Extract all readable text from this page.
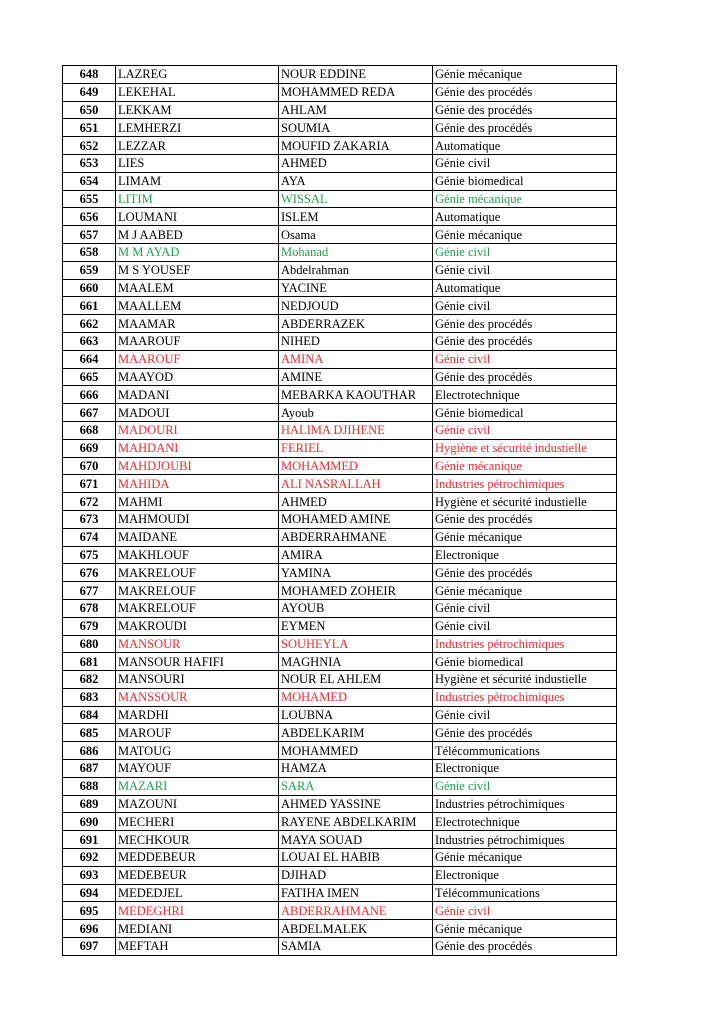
648	LAZREG	NOUR EDDINE	Génie mécanique
649	LEKEHAL	MOHAMMED REDA	Génie des procédés
650	LEKKAM	AHLAM	Génie des procédés
651	LEMHERZI	SOUMIA	Génie des procédés
652	LEZZAR	MOUFID ZAKARIA	Automatique
653	LIES	AHMED	Génie civil
654	LIMAM	AYA	Génie biomedical
655	LITIM	WISSAL	Génie mécanique
656	LOUMANI	ISLEM	Automatique
657	M J AABED	Osama	Génie mécanique
658	M M AYAD	Mohanad	Génie civil
659	M S YOUSEF	Abdelrahman	Génie civil
660	MAALEM	YACINE	Automatique
661	MAALLEM	NEDJOUD	Génie civil
662	MAAMAR	ABDERRAZEK	Génie des procédés
663	MAAROUF	NIHED	Génie des procédés
664	MAAROUF	AMINA	Génie civil
665	MAAYOD	AMINE	Génie des procédés
666	MADANI	MEBARKA KAOUTHAR	Electrotechnique
667	MADOUI	Ayoub	Génie biomedical
668	MADOURI	HALIMA DJIHENE	Génie civil
669	MAHDANI	FERIEL	Hygiène et sécurité industielle
670	MAHDJOUBI	MOHAMMED	Génie mécanique
671	MAHIDA	ALI NASRALLAH	Industries pétrochimiques
672	MAHMI	AHMED	Hygiène et sécurité industielle
673	MAHMOUDI	MOHAMED AMINE	Génie des procédés
674	MAIDANE	ABDERRAHMANE	Génie mécanique
675	MAKHLOUF	AMIRA	Electronique
676	MAKRELOUF	YAMINA	Génie des procédés
677	MAKRELOUF	MOHAMED ZOHEIR	Génie mécanique
678	MAKRELOUF	AYOUB	Génie civil
679	MAKROUDI	EYMEN	Génie civil
680	MANSOUR	SOUHEYLA	Industries pétrochimiques
681	MANSOUR HAFIFI	MAGHNIA	Génie biomedical
682	MANSOURI	NOUR EL AHLEM	Hygiène et sécurité industielle
683	MANSSOUR	MOHAMED	Industries pétrochimiques
684	MARDHI	LOUBNA	Génie civil
685	MAROUF	ABDELKARIM	Génie des procédés
686	MATOUG	MOHAMMED	Télécommunications
687	MAYOUF	HAMZA	Electronique
688	MAZARI	SARA	Génie civil
689	MAZOUNI	AHMED YASSINE	Industries pétrochimiques
690	MECHERI	RAYENE ABDELKARIM	Electrotechnique
691	MECHKOUR	MAYA SOUAD	Industries pétrochimiques
692	MEDDEBEUR	LOUAI EL HABIB	Génie mécanique
693	MEDEBEUR	DJIHAD	Electronique
694	MEDEDJEL	FATIHA IMEN	Télécommunications
695	MEDEGHRI	ABDERRAHMANE	Génie civil
696	MEDIANI	ABDELMALEK	Génie mécanique
697	MEFTAH	SAMIA	Génie des procédés
